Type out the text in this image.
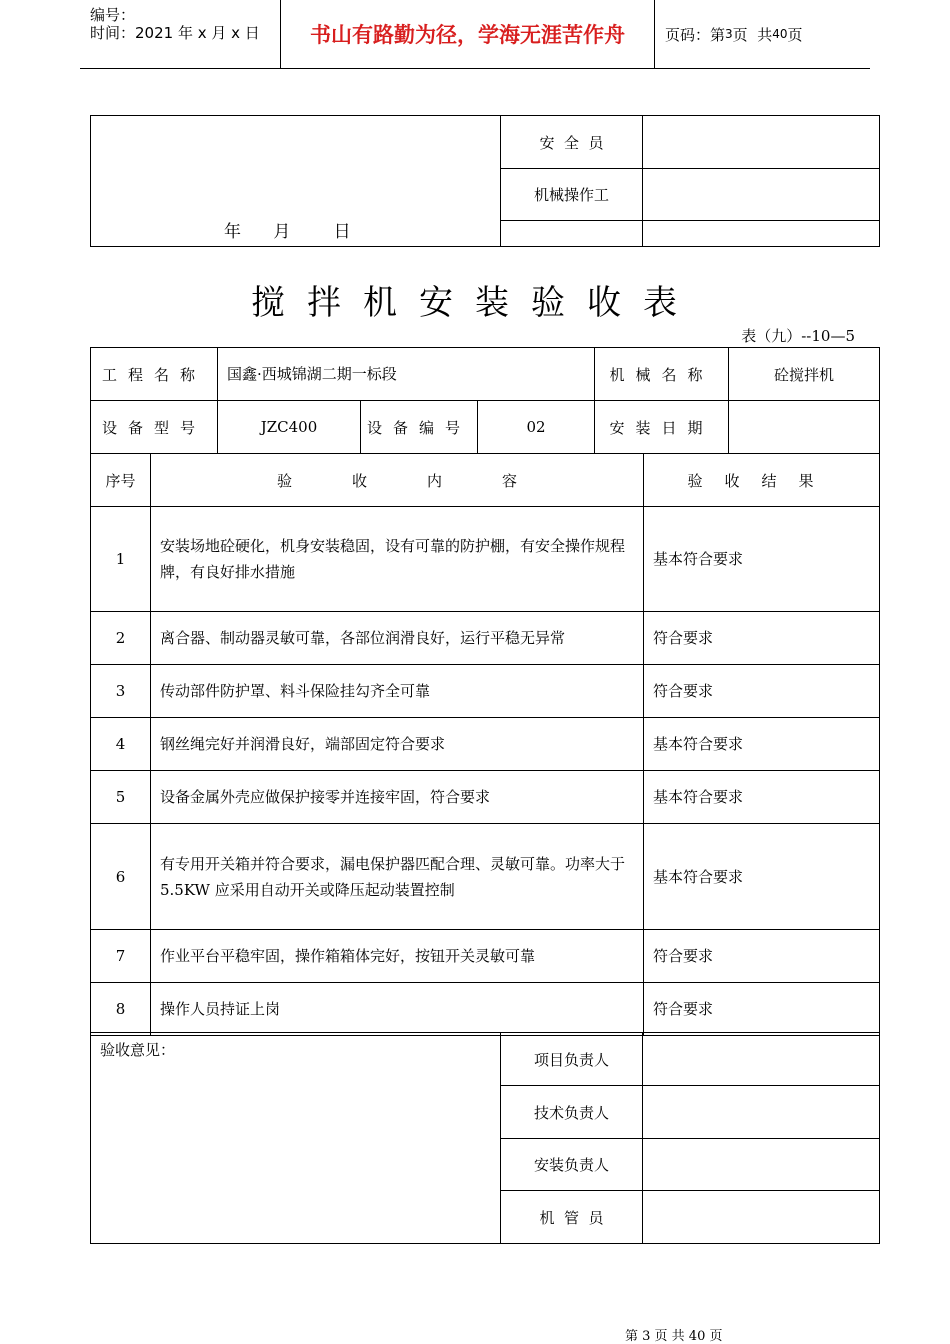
编号：
时间：2021 年 x 月 x 日	书山有路勤为径，学海无涯苦作舟	页码：第 3 页  共 40 页
年      月        日	安  全  员	
	机械操作工	

搅拌机安装验收表
表（九）--10—5
工程名称	国鑫·西城锦湖二期一标段			机械名称	砼搅拌机
设备型号	JZC400	设备编号	02	安装日期	
序号	验收内容	验收结果
1	安装场地砼硬化，机身安装稳固，设有可靠的防护棚，有安全操作规程牌，有良好排水措施	基本符合要求
2	离合器、制动器灵敏可靠，各部位润滑良好，运行平稳无异常	符合要求
3	传动部件防护罩、料斗保险挂勾齐全可靠	符合要求
4	钢丝绳完好并润滑良好，端部固定符合要求	基本符合要求
5	设备金属外壳应做保护接零并连接牢固，符合要求	基本符合要求
6	有专用开关箱并符合要求，漏电保护器匹配合理、灵敏可靠。功率大于 5.5KW 应采用自动开关或降压起动装置控制	基本符合要求
7	作业平台平稳牢固，操作箱箱体完好，按钮开关灵敏可靠	符合要求
8	操作人员持证上岗	符合要求
验收意见：	项目负责人	
	技术负责人	
	安装负责人	
	机  管  员	
第 3 页 共 40 页
